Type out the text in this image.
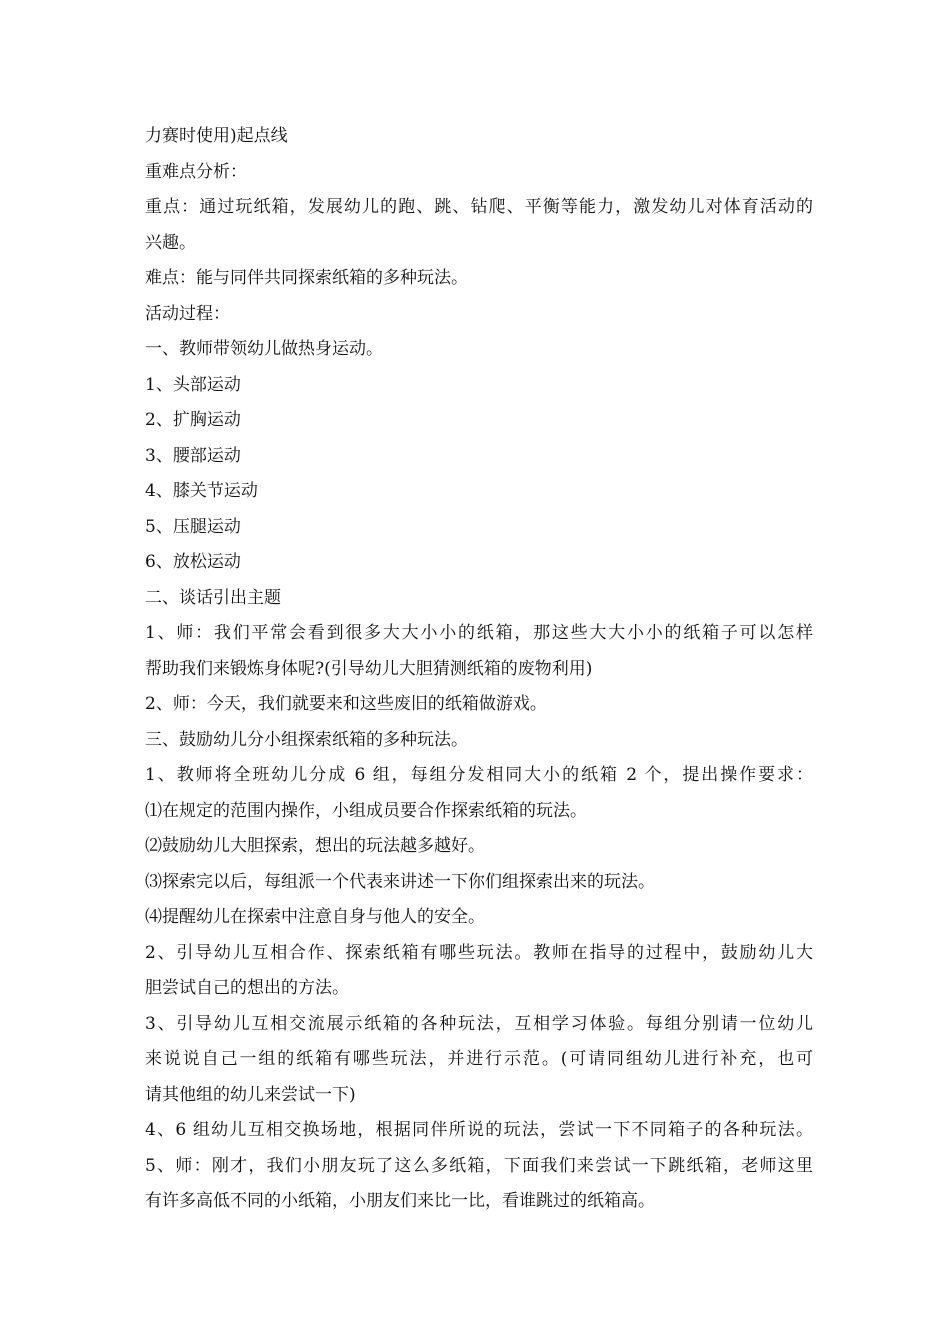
力赛时使用)起点线
重难点分析：
重点：通过玩纸箱，发展幼儿的跑、跳、钻爬、平衡等能力，激发幼儿对体育活动的
兴趣。
难点：能与同伴共同探索纸箱的多种玩法。
活动过程：
一、教师带领幼儿做热身运动。
1、头部运动
2、扩胸运动
3、腰部运动
4、膝关节运动
5、压腿运动
6、放松运动
二、谈话引出主题
1、师：我们平常会看到很多大大小小的纸箱，那这些大大小小的纸箱子可以怎样
帮助我们来锻炼身体呢?(引导幼儿大胆猜测纸箱的废物利用)
2、师：今天，我们就要来和这些废旧的纸箱做游戏。
三、鼓励幼儿分小组探索纸箱的多种玩法。
1、教师将全班幼儿分成 6 组，每组分发相同大小的纸箱 2 个，提出操作要求：
⑴在规定的范围内操作，小组成员要合作探索纸箱的玩法。
⑵鼓励幼儿大胆探索，想出的玩法越多越好。
⑶探索完以后，每组派一个代表来讲述一下你们组探索出来的玩法。
⑷提醒幼儿在探索中注意自身与他人的安全。
2、引导幼儿互相合作、探索纸箱有哪些玩法。教师在指导的过程中，鼓励幼儿大
胆尝试自己的想出的方法。
3、引导幼儿互相交流展示纸箱的各种玩法，互相学习体验。每组分别请一位幼儿
来说说自己一组的纸箱有哪些玩法，并进行示范。(可请同组幼儿进行补充，也可
请其他组的幼儿来尝试一下)
4、6 组幼儿互相交换场地，根据同伴所说的玩法，尝试一下不同箱子的各种玩法。
5、师：刚才，我们小朋友玩了这么多纸箱，下面我们来尝试一下跳纸箱，老师这里
有许多高低不同的小纸箱，小朋友们来比一比，看谁跳过的纸箱高。
